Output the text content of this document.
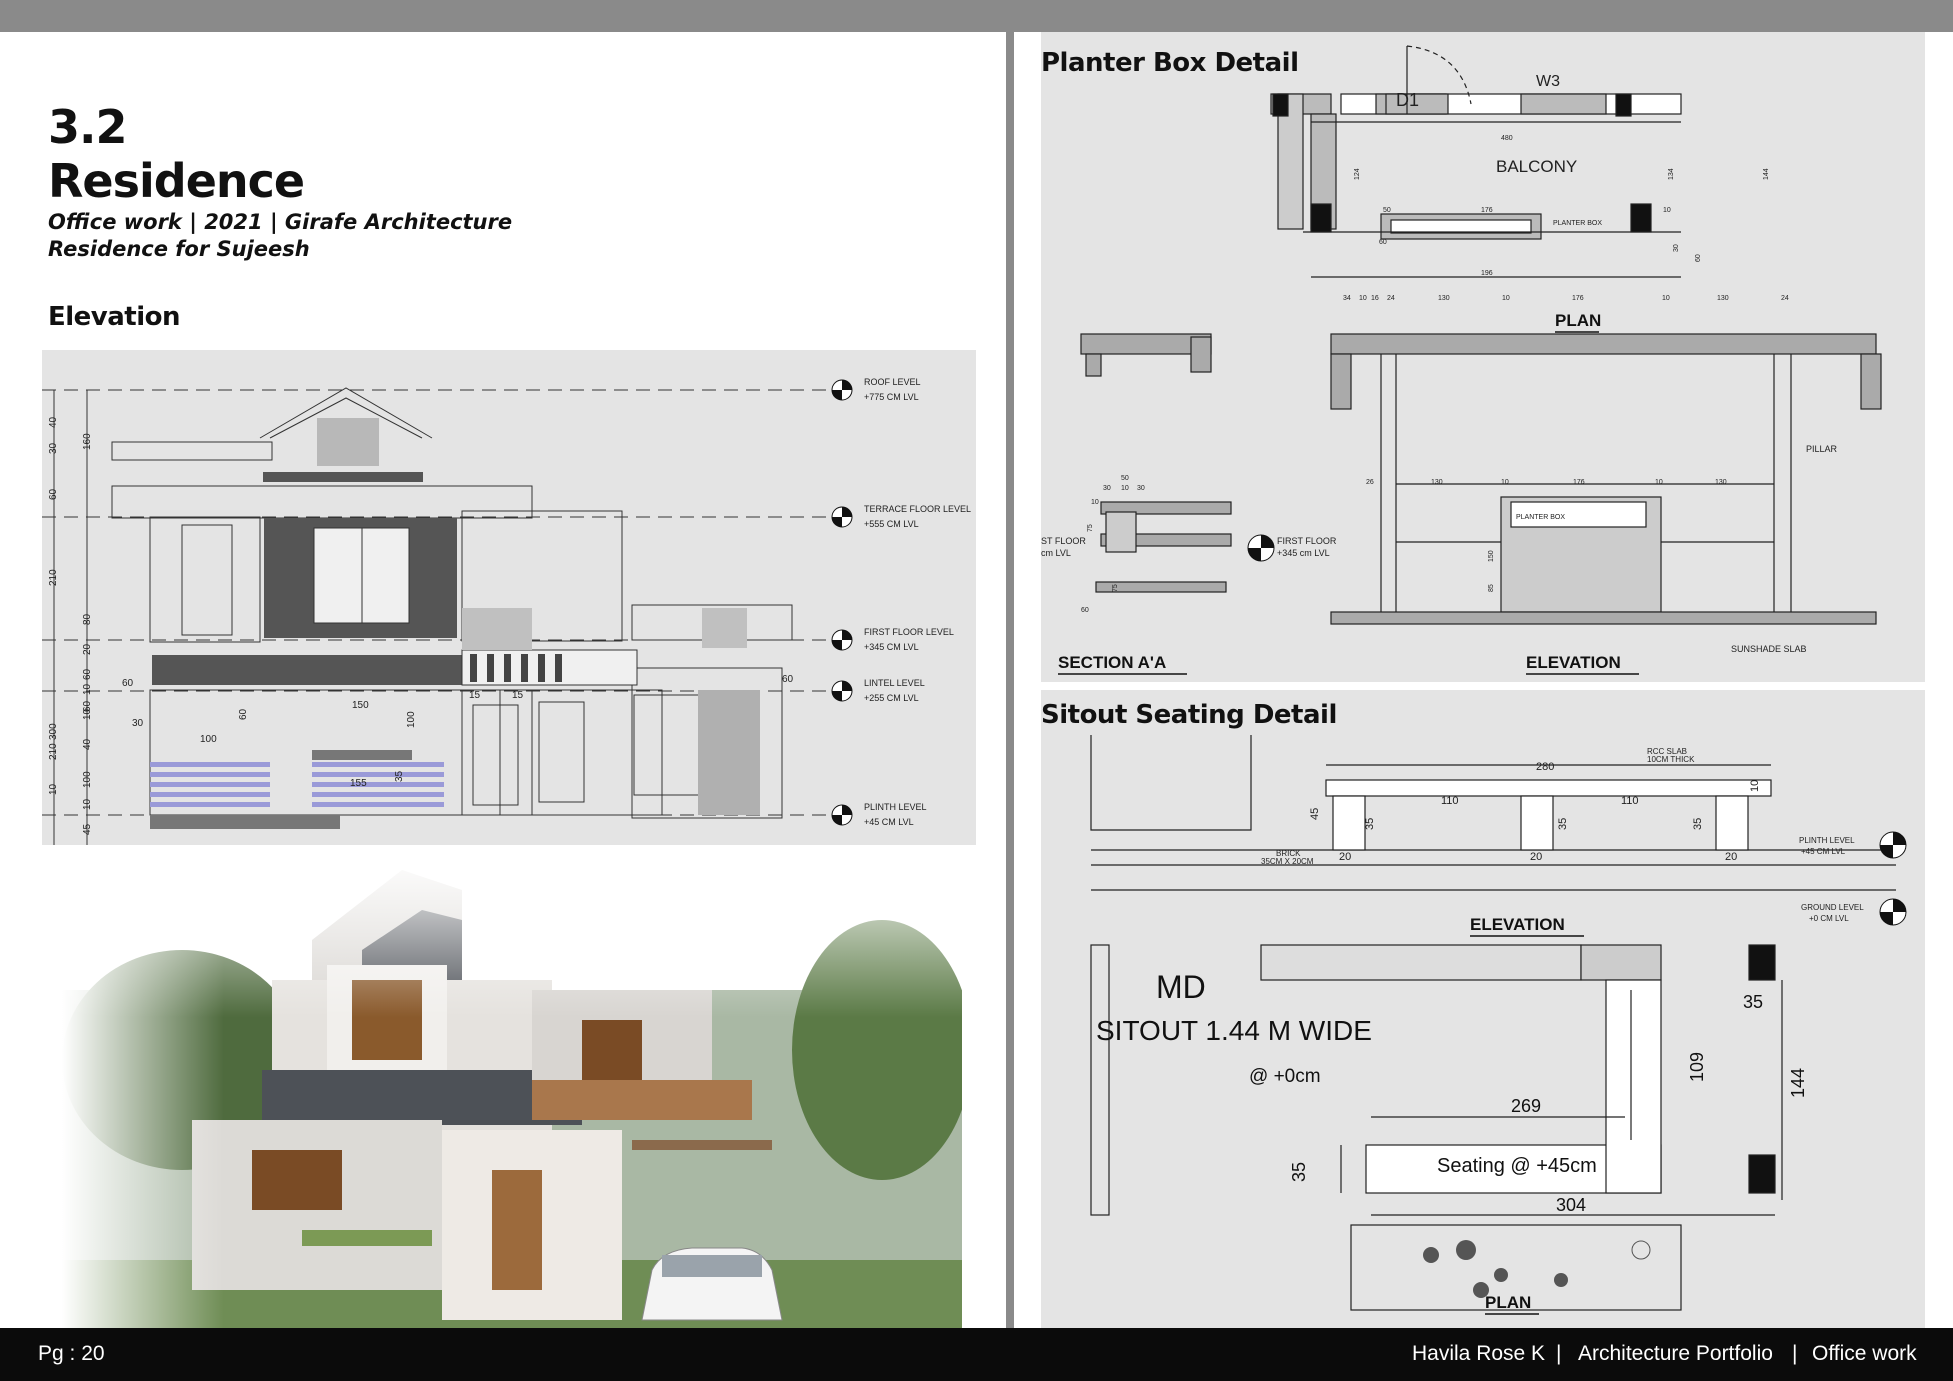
3.2
Residence
Office work | 2021 | Girafe Architecture
Residence for Sujeesh
Elevation
ROOF LEVEL
+775 CM LVL
TERRACE FLOOR LEVEL
+555 CM LVL
FIRST FLOOR LEVEL
+345 CM LVL
LINTEL LEVEL
+255 CM LVL
PLINTH LEVEL
+45 CM LVL
160
40
30
60
210
80
20
10
60
300
210
10
40
60
100
10
10
45
60
30
100
150
60	100
155
35
15	15
60
Planter Box Detail
D1
W3
BALCONY
PLANTER BOX
PLANTER BOX
PILLAR
SUNSHADE SLAB
FIRST FLOOR
+345 cm LVL
ST FLOOR
cm LVL
480
124	134	144
50	176	10
60
30
196
60
34 10 16 24	130	10	176	10	130	24
50
30 10 30
10
75
75
60
26	130	10	176	10	130
150
85
PLAN
SECTION A'A	ELEVATION
Sitout Seating Detail
RCC SLAB
10CM THICK
BRICK
35CM X 20CM
PLINTH LEVEL
+45 CM LVL
GROUND LEVEL
+0 CM LVL
280
110	110
10
45
35	35	35
20	20	20
MD
SITOUT 1.44 M WIDE
@ +0cm
Seating @ +45cm
35
109
144
269
35
304
ELEVATION
PLAN
Pg : 20	Havila Rose K | Architecture Portfolio | Office work
